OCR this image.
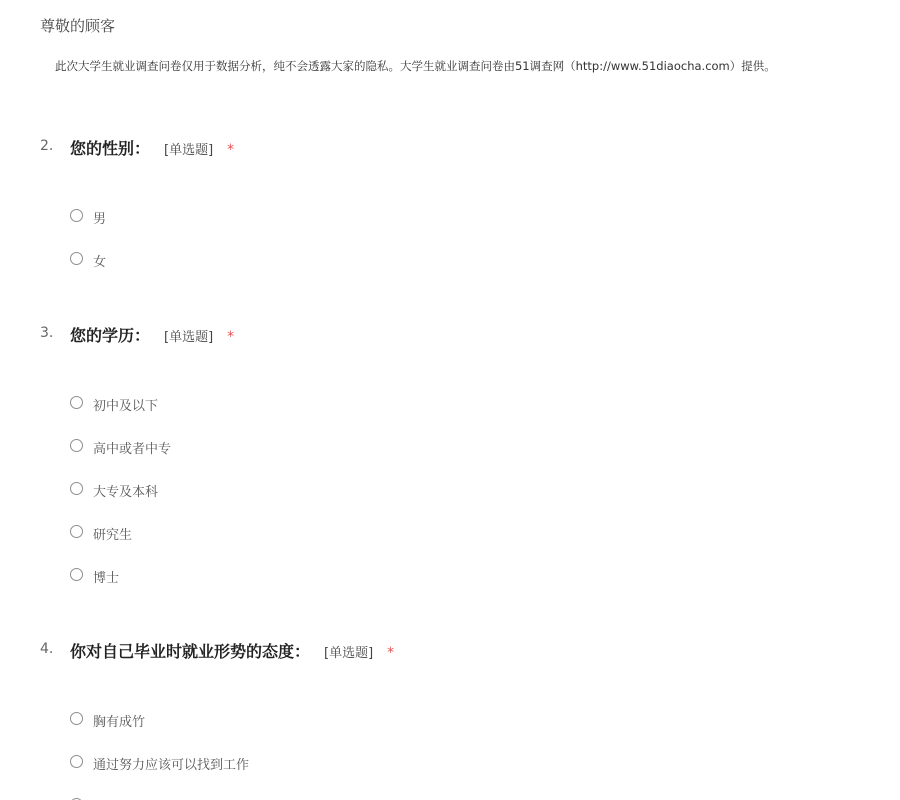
尊敬的顾客
此次大学生就业调查问卷仅用于数据分析，纯不会透露大家的隐私。大学生就业调查问卷由51调查网（http://www.51diaocha.com）提供。
2. 您的性别： [单选题] *
男
女
3. 您的学历： [单选题] *
初中及以下
高中或者中专
大专及本科
研究生
博士
4. 你对自己毕业时就业形势的态度： [单选题] *
胸有成竹
通过努力应该可以找到工作
